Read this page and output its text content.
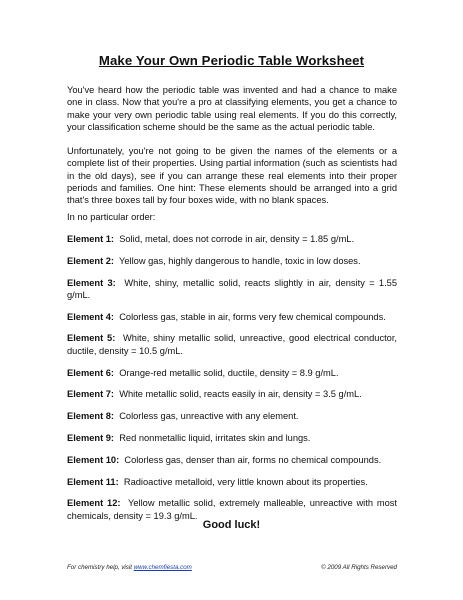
Make Your Own Periodic Table Worksheet
You've heard how the periodic table was invented and had a chance to make one in class. Now that you're a pro at classifying elements, you get a chance to make your very own periodic table using real elements. If you do this correctly, your classification scheme should be the same as the actual periodic table.
Unfortunately, you're not going to be given the names of the elements or a complete list of their properties. Using partial information (such as scientists had in the old days), see if you can arrange these real elements into their proper periods and families. One hint: These elements should be arranged into a grid that's three boxes tall by four boxes wide, with no blank spaces.
In no particular order:
Element 1: Solid, metal, does not corrode in air, density = 1.85 g/mL.
Element 2: Yellow gas, highly dangerous to handle, toxic in low doses.
Element 3: White, shiny, metallic solid, reacts slightly in air, density = 1.55 g/mL.
Element 4: Colorless gas, stable in air, forms very few chemical compounds.
Element 5: White, shiny metallic solid, unreactive, good electrical conductor, ductile, density = 10.5 g/mL.
Element 6: Orange-red metallic solid, ductile, density = 8.9 g/mL.
Element 7: White metallic solid, reacts easily in air, density = 3.5 g/mL.
Element 8: Colorless gas, unreactive with any element.
Element 9: Red nonmetallic liquid, irritates skin and lungs.
Element 10: Colorless gas, denser than air, forms no chemical compounds.
Element 11: Radioactive metalloid, very little known about its properties.
Element 12: Yellow metallic solid, extremely malleable, unreactive with most chemicals, density = 19.3 g/mL.
Good luck!
For chemistry help, visit www.chemfiesta.com	© 2009 All Rights Reserved
